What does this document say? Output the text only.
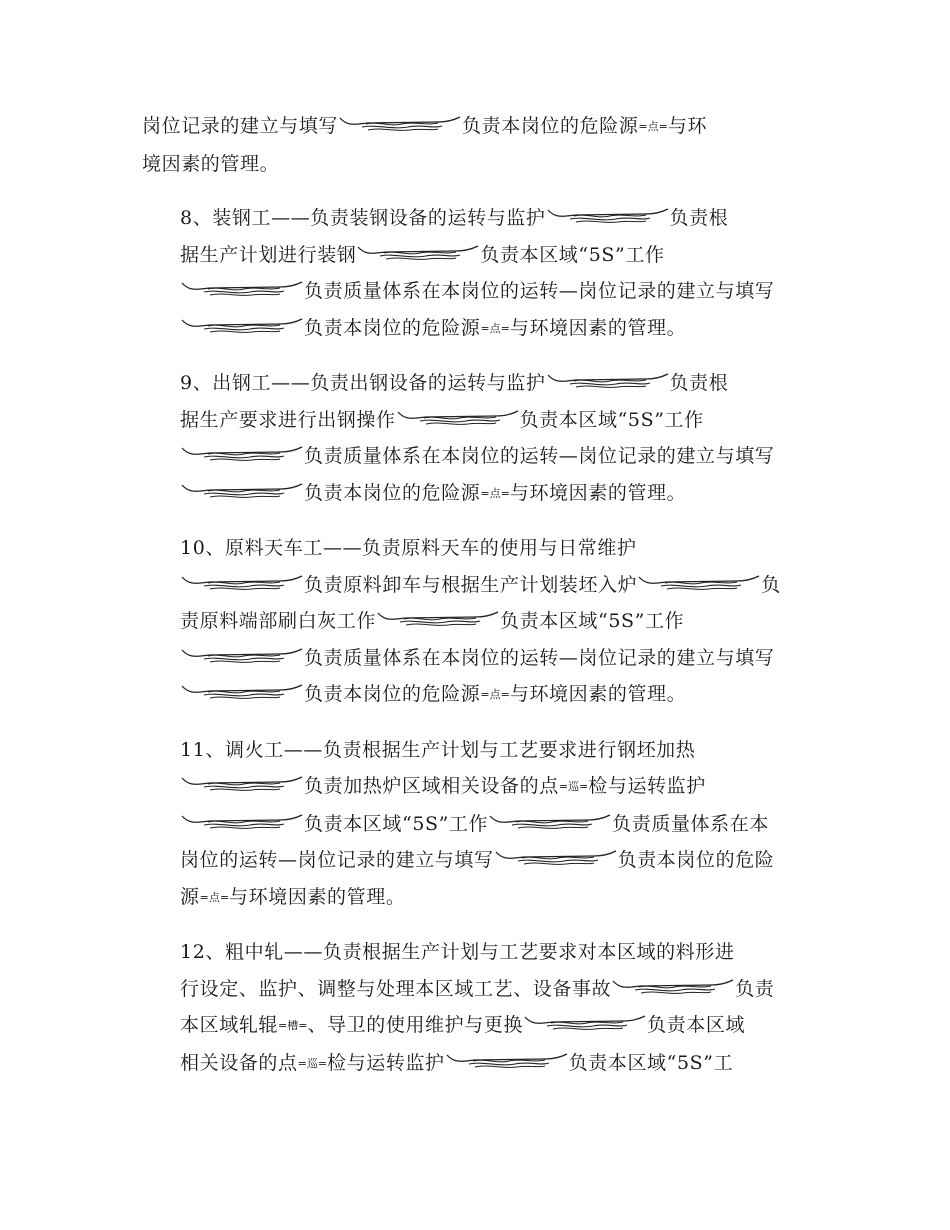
岗位记录的建立与填写	负责本岗位的危险源=点=与环
境因素的管理。
8、装钢工——负责装钢设备的运转与监护	负责根
据生产计划进行装钢	负责本区域“5S”工作
负责质量体系在本岗位的运转—岗位记录的建立与填写
负责本岗位的危险源=点=与环境因素的管理。
9、出钢工——负责出钢设备的运转与监护	负责根
据生产要求进行出钢操作	负责本区域“5S”工作
负责质量体系在本岗位的运转—岗位记录的建立与填写
负责本岗位的危险源=点=与环境因素的管理。
10、原料天车工——负责原料天车的使用与日常维护
负责原料卸车与根据生产计划装坯入炉	负
责原料端部刷白灰工作	负责本区域“5S”工作
负责质量体系在本岗位的运转—岗位记录的建立与填写
负责本岗位的危险源=点=与环境因素的管理。
11、调火工——负责根据生产计划与工艺要求进行钢坯加热
负责加热炉区域相关设备的点=巡=检与运转监护
负责本区域“5S”工作	负责质量体系在本
岗位的运转—岗位记录的建立与填写	负责本岗位的危险
源=点=与环境因素的管理。
12、粗中轧——负责根据生产计划与工艺要求对本区域的料形进
行设定、监护、调整与处理本区域工艺、设备事故	负责
本区域轧辊=槽=、导卫的使用维护与更换	负责本区域
相关设备的点=巡=检与运转监护	负责本区域“5S”工
